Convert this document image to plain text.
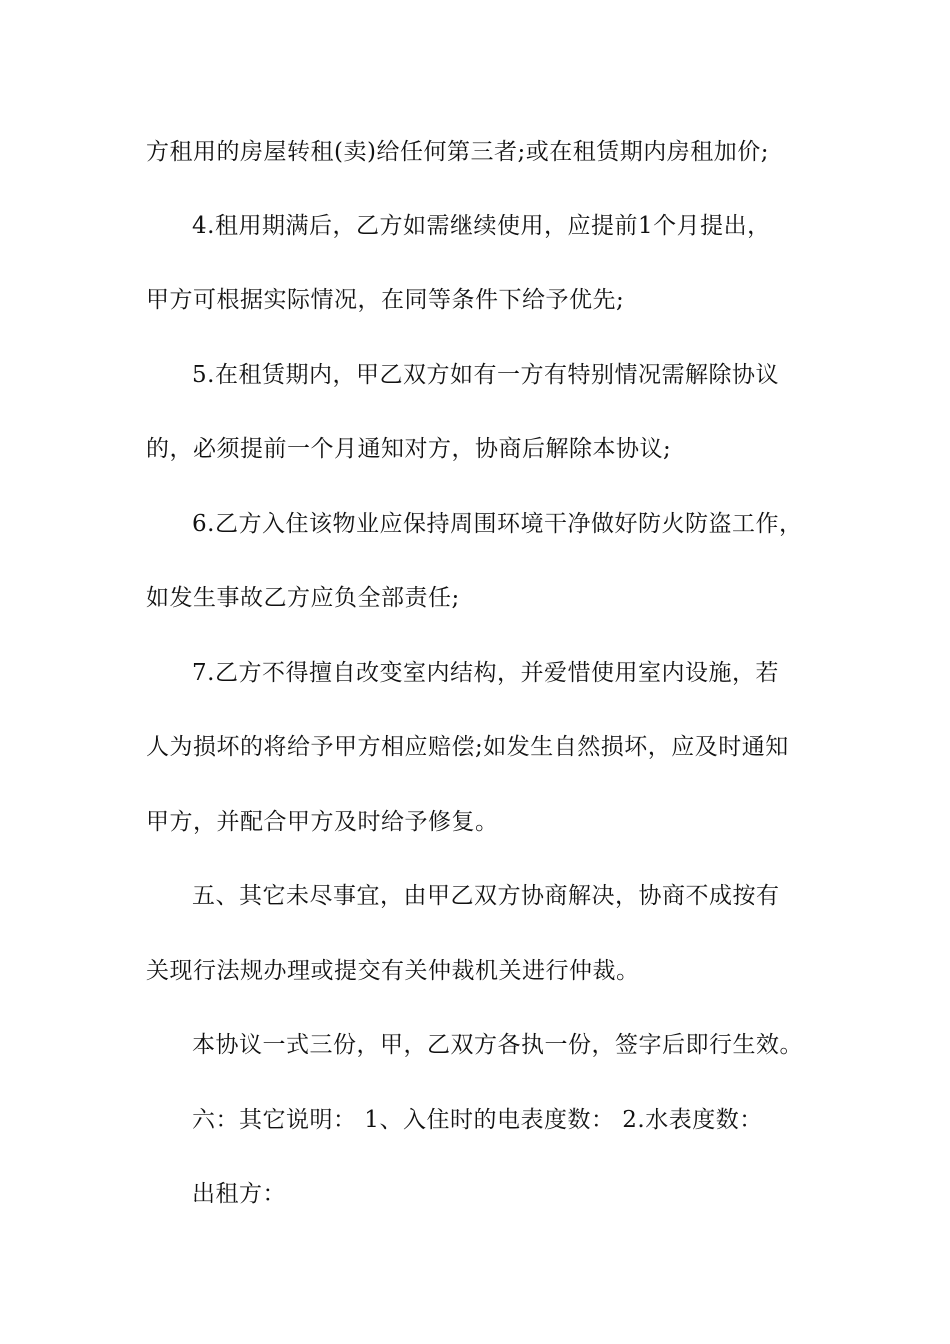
方租用的房屋转租(卖)给任何第三者;或在租赁期内房租加价;
4.租用期满后，乙方如需继续使用，应提前1个月提出，
甲方可根据实际情况，在同等条件下给予优先;
5.在租赁期内，甲乙双方如有一方有特别情况需解除协议
的，必须提前一个月通知对方，协商后解除本协议;
6.乙方入住该物业应保持周围环境干净做好防火防盗工作，
如发生事故乙方应负全部责任;
7.乙方不得擅自改变室内结构，并爱惜使用室内设施，若
人为损坏的将给予甲方相应赔偿;如发生自然损坏，应及时通知
甲方，并配合甲方及时给予修复。
五、其它未尽事宜，由甲乙双方协商解决，协商不成按有
关现行法规办理或提交有关仲裁机关进行仲裁。
本协议一式三份，甲，乙双方各执一份，签字后即行生效。
六：其它说明： 1、入住时的电表度数： 2.水表度数：
出租方：
